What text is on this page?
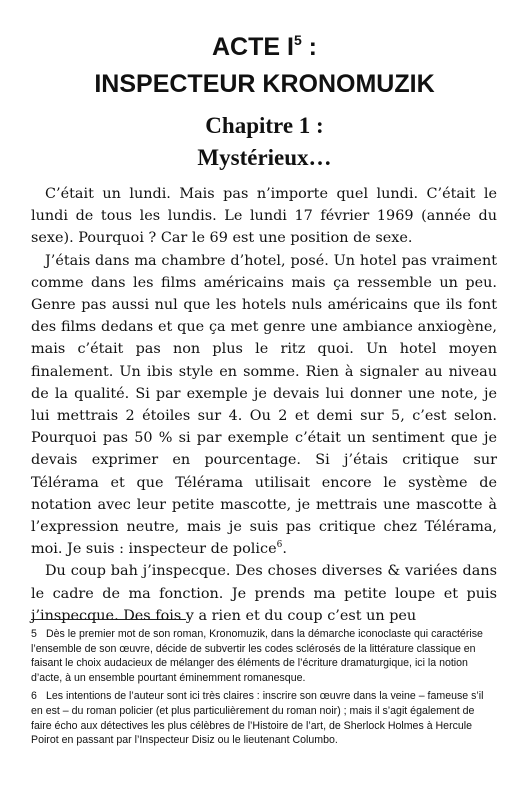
ACTE $I^5$ :
INSPECTEUR KRONOMUZIK
Chapitre 1 :
Mystérieux…

C’était un lundi. Mais pas n’importe quel lundi. C’était le lundi de tous les lundis. Le lundi 17 février 1969 (année du sexe). Pourquoi ? Car le 69 est une position de sexe.

J’étais dans ma chambre d’hotel, posé. Un hotel pas vraiment comme dans les films américains mais ça ressemble un peu. Genre pas aussi nul que les hotels nuls américains que ils font des films dedans et que ça met genre une ambiance anxiogène, mais c’était pas non plus le ritz quoi. Un hotel moyen finalement. Un ibis style en somme. Rien à signaler au niveau de la qualité. Si par exemple je devais lui donner une note, je lui mettrais 2 étoiles sur 4. Ou 2 et demi sur 5, c’est selon. Pourquoi pas 50 % si par exemple c’était un sentiment que je devais exprimer en pourcentage. Si j’étais critique sur Télérama et que Télérama utilisait encore le système de notation avec leur petite mascotte, je mettrais une mascotte à l’expression neutre, mais je suis pas critique chez Télérama, moi. Je suis : inspecteur de police$^6$.

Du coup bah j’inspecque. Des choses diverses & variées dans le cadre de ma fonction. Je prends ma petite loupe et puis j’inspecque. Des fois y a rien et du coup c’est un peu

5 Dès le premier mot de son roman, Kronomuzik, dans la démarche iconoclaste qui caractérise l’ensemble de son œuvre, décide de subvertir les codes sclérosés de la littérature classique en faisant le choix audacieux de mélanger des éléments de l’écriture dramaturgique, ici la notion d’acte, à un ensemble pourtant éminemment romanesque.

6 Les intentions de l’auteur sont ici très claires : inscrire son œuvre dans la veine – fameuse s’il en est – du roman policier (et plus particulièrement du roman noir) ; mais il s’agit également de faire écho aux détectives les plus célèbres de l’Histoire de l’art, de Sherlock Holmes à Hercule Poirot en passant par l’Inspecteur Disiz ou le lieutenant Columbo.
